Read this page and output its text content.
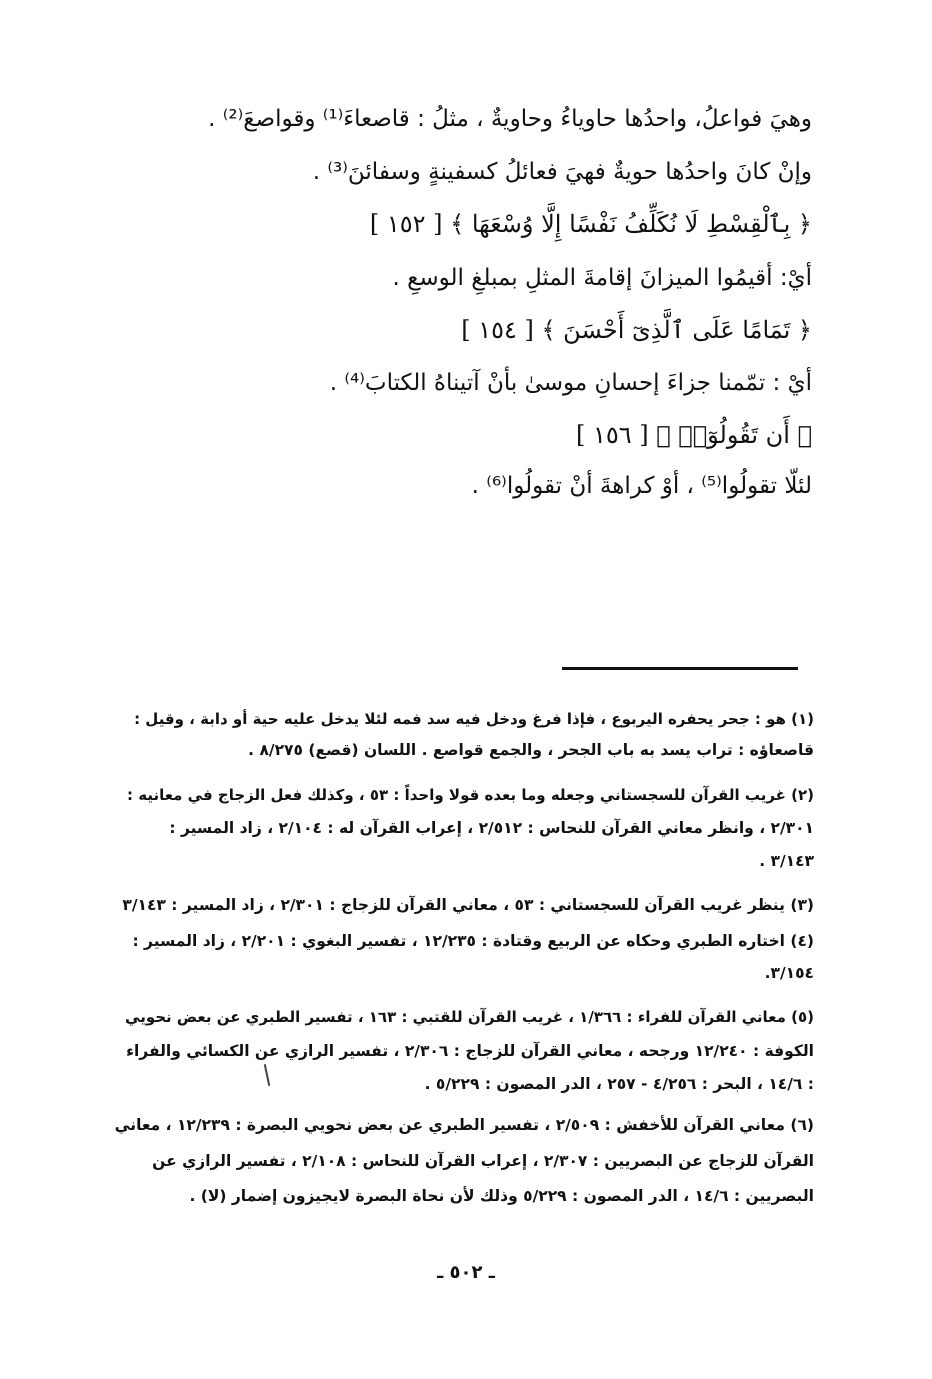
وهيَ فواعلُ، واحدُها حاوياءُ وحاويةٌ ، مثلُ : قاصعاءَ⁽¹⁾ وقواصعَ⁽²⁾ .
وإنْ كانَ واحدُها حويةٌ فهيَ فعائلُ كسفينةٍ وسفائنَ⁽³⁾ .
﴿ بِٱلْقِسْطِ لَا نُكَلِّفُ نَفْسًا إِلَّا وُسْعَهَا ﴾ [ ١٥٢ ]
أيْ: أقيمُوا الميزانَ إقامةَ المثلِ بمبلغِ الوسعِ .
﴿ تَمَامًا عَلَى ٱلَّذِىٓ أَحْسَنَ ﴾ [ ١٥٤ ]
أيْ : تمّمنا جزاءَ إحسانِ موسىٰ بأنْ آتيناهُ الكتابَ⁽⁴⁾ .
﴿ أَن تَقُولُوٓا۟ ﴾ [ ١٥٦ ]
لئلّا تقولُوا⁽⁵⁾ ، أوْ كراهةَ أنْ تقولُوا⁽⁶⁾ .
(١) هو : جحر يحفره اليربوع ، فإذا فرغ ودخل فيه سد فمه لئلا يدخل عليه حية أو دابة ، وقيل :
قاصعاؤه : تراب يسد به باب الجحر ، والجمع قواصع . اللسان (قصع) ٨/٢٧٥ .
(٢) غريب القرآن للسجستاني وجعله وما بعده قولا واحداً : ٥٣ ، وكذلك فعل الزجاج في معانيه :
٢/٣٠١ ، وانظر معاني القرآن للنحاس : ٢/٥١٢ ، إعراب القرآن له : ٢/١٠٤ ، زاد المسير :
٣/١٤٣ .
(٣) ينظر غريب القرآن للسجستاني : ٥٣ ، معاني القرآن للزجاج : ٢/٣٠١ ، زاد المسير : ٣/١٤٣
(٤) اختاره الطبري وحكاه عن الربيع وقتادة : ١٢/٢٣٥ ، تفسير البغوي : ٢/٢٠١ ، زاد المسير :
٣/١٥٤.
(٥) معاني القرآن للفراء : ١/٣٦٦ ، غريب القرآن للقتبي : ١٦٣ ، تفسير الطبري عن بعض نحويي
الكوفة : ١٢/٢٤٠ ورجحه ، معاني القرآن للزجاج : ٢/٣٠٦ ، تفسير الرازي عن الكسائي والفراء
: ١٤/٦ ، البحر : ٤/٢٥٦ - ٢٥٧ ، الدر المصون : ٥/٢٢٩ .
(٦) معاني القرآن للأخفش : ٢/٥٠٩ ، تفسير الطبري عن بعض نحويي البصرة : ١٢/٢٣٩ ، معاني
القرآن للزجاج عن البصريين : ٢/٣٠٧ ، إعراب القرآن للنحاس : ٢/١٠٨ ، تفسير الرازي عن
البصريين : ١٤/٦ ، الدر المصون : ٥/٢٢٩ وذلك لأن نحاة البصرة لايجيزون إضمار (لا) .
ـ ٥٠٢ ـ
